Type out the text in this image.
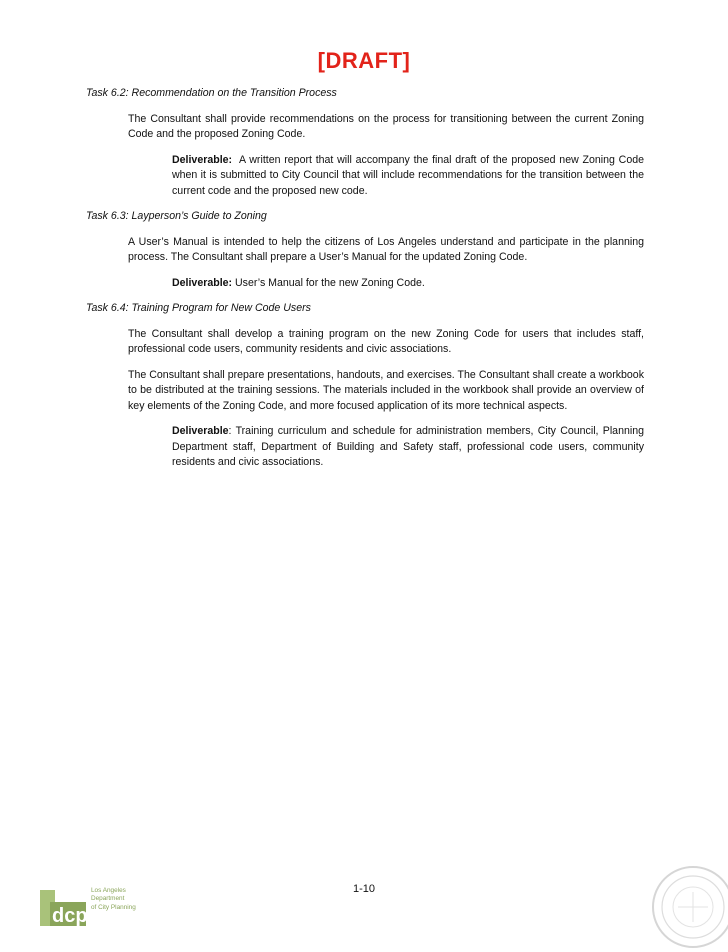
[DRAFT]

Task 6.2: Recommendation on the Transition Process

The Consultant shall provide recommendations on the process for transitioning between the current Zoning Code and the proposed Zoning Code.

Deliverable: A written report that will accompany the final draft of the proposed new Zoning Code when it is submitted to City Council that will include recommendations for the transition between the current code and the proposed new code.

Task 6.3: Layperson’s Guide to Zoning

A User’s Manual is intended to help the citizens of Los Angeles understand and participate in the planning process. The Consultant shall prepare a User’s Manual for the updated Zoning Code.

Deliverable: User’s Manual for the new Zoning Code.

Task 6.4: Training Program for New Code Users

The Consultant shall develop a training program on the new Zoning Code for users that includes staff, professional code users, community residents and civic associations.

The Consultant shall prepare presentations, handouts, and exercises. The Consultant shall create a workbook to be distributed at the training sessions. The materials included in the workbook shall provide an overview of key elements of the Zoning Code, and more focused application of its more technical aspects.

Deliverable: Training curriculum and schedule for administration members, City Council, Planning Department staff, Department of Building and Safety staff, professional code users, community residents and civic associations.

1-10
dcp
Los Angeles
Department
of City Planning
